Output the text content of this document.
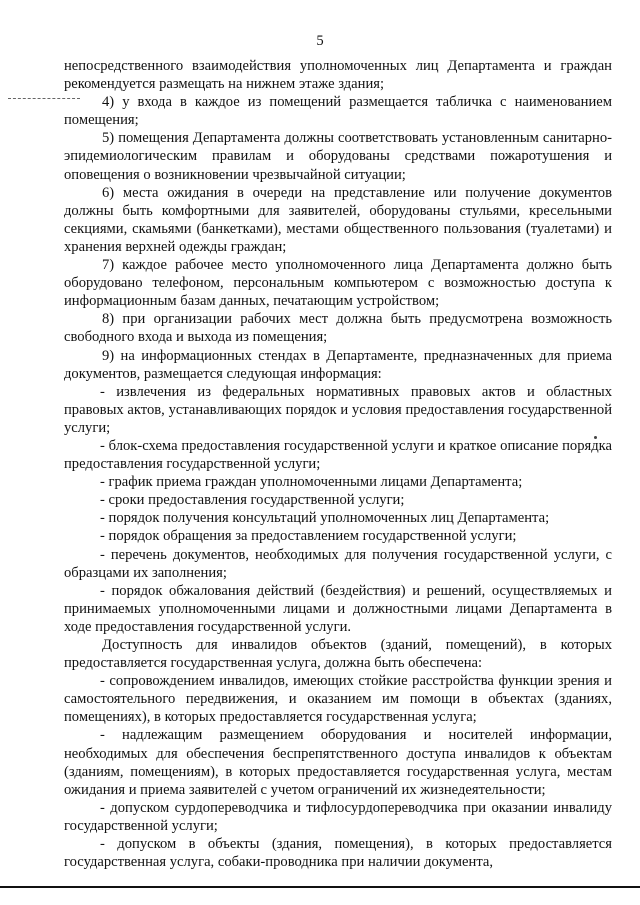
5

непосредственного взаимодействия уполномоченных лиц Департамента и граждан рекомендуется размещать на нижнем этаже здания;

4) у входа в каждое из помещений размещается табличка с наименованием помещения;

5) помещения Департамента должны соответствовать установленным санитарно-эпидемиологическим правилам и оборудованы средствами пожаротушения и оповещения о возникновении чрезвычайной ситуации;

6) места ожидания в очереди на представление или получение документов должны быть комфортными для заявителей, оборудованы стульями, кресельными секциями, скамьями (банкетками), местами общественного пользования (туалетами) и хранения верхней одежды граждан;

7) каждое рабочее место уполномоченного лица Департамента должно быть оборудовано телефоном, персональным компьютером с возможностью доступа к информационным базам данных, печатающим устройством;

8) при организации рабочих мест должна быть предусмотрена возможность свободного входа и выхода из помещения;

9) на информационных стендах в Департаменте, предназначенных для приема документов, размещается следующая информация:

- извлечения из федеральных нормативных правовых актов и областных правовых актов, устанавливающих порядок и условия предоставления государственной услуги;

- блок-схема предоставления государственной услуги и краткое описание порядка предоставления государственной услуги;

- график приема граждан уполномоченными лицами Департамента;

- сроки предоставления государственной услуги;

- порядок получения консультаций уполномоченных лиц Департамента;

- порядок обращения за предоставлением государственной услуги;

- перечень документов, необходимых для получения государственной услуги, с образцами их заполнения;

- порядок обжалования действий (бездействия) и решений, осуществляемых и принимаемых уполномоченными лицами и должностными лицами Департамента в ходе предоставления государственной услуги.

Доступность для инвалидов объектов (зданий, помещений), в которых предоставляется государственная услуга, должна быть обеспечена:

- сопровождением инвалидов, имеющих стойкие расстройства функции зрения и самостоятельного передвижения, и оказанием им помощи в объектах (зданиях, помещениях), в которых предоставляется государственная услуга;

- надлежащим размещением оборудования и носителей информации, необходимых для обеспечения беспрепятственного доступа инвалидов к объектам (зданиям, помещениям), в которых предоставляется государственная услуга, местам ожидания и приема заявителей с учетом ограничений их жизнедеятельности;

- допуском сурдопереводчика и тифлосурдопереводчика при оказании инвалиду государственной услуги;

- допуском в объекты (здания, помещения), в которых предоставляется государственная услуга, собаки-проводника при наличии документа,
